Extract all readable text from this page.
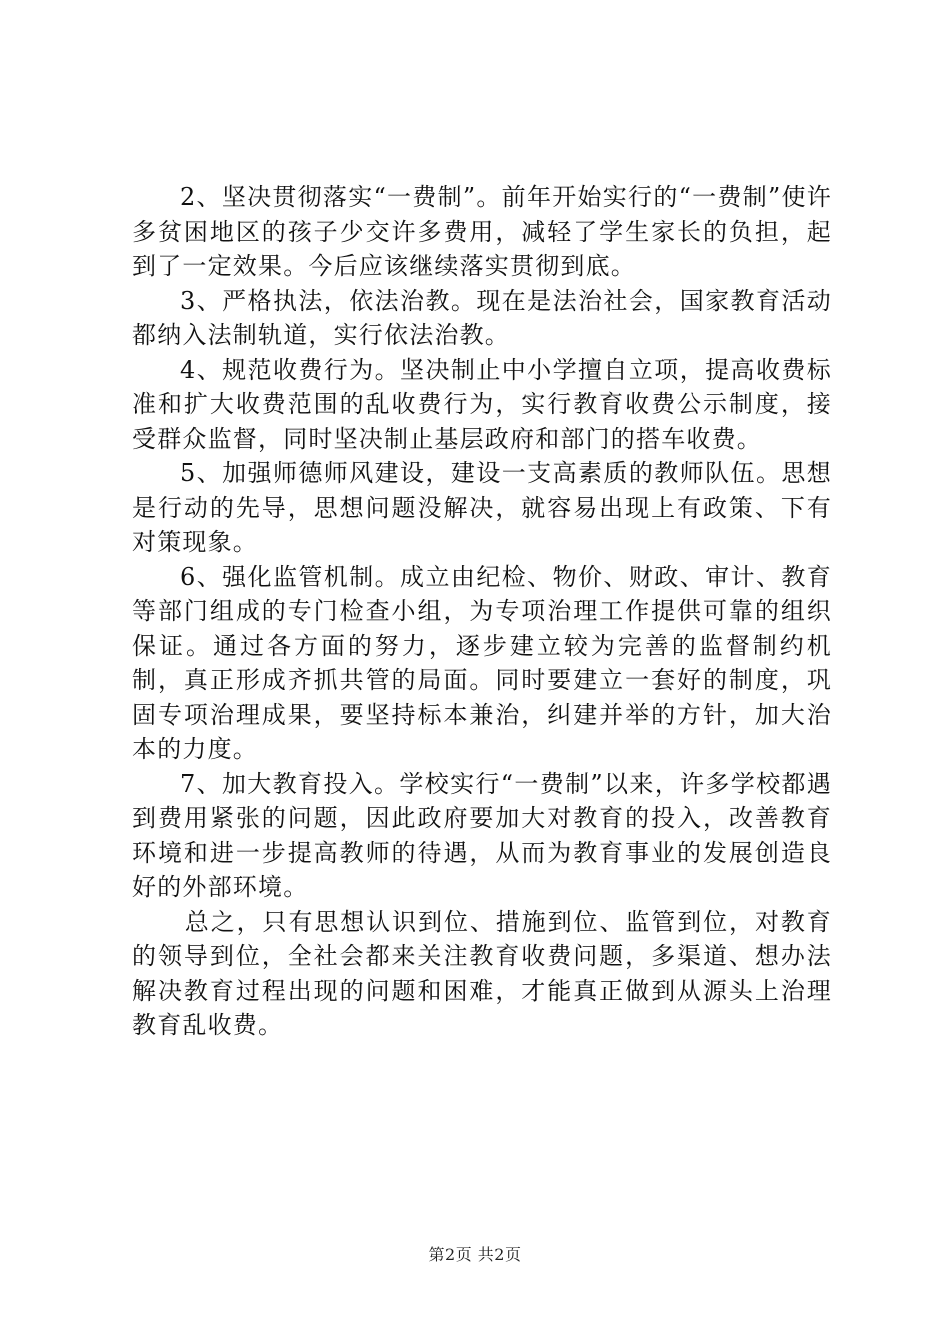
2、坚决贯彻落实“一费制”。前年开始实行的“一费制”使许多贫困地区的孩子少交许多费用，减轻了学生家长的负担，起到了一定效果。今后应该继续落实贯彻到底。

3、严格执法，依法治教。现在是法治社会，国家教育活动都纳入法制轨道，实行依法治教。

4、规范收费行为。坚决制止中小学擅自立项，提高收费标准和扩大收费范围的乱收费行为，实行教育收费公示制度，接受群众监督，同时坚决制止基层政府和部门的搭车收费。

5、加强师德师风建设，建设一支高素质的教师队伍。思想是行动的先导，思想问题没解决，就容易出现上有政策、下有对策现象。

6、强化监管机制。成立由纪检、物价、财政、审计、教育等部门组成的专门检查小组，为专项治理工作提供可靠的组织保证。通过各方面的努力，逐步建立较为完善的监督制约机制，真正形成齐抓共管的局面。同时要建立一套好的制度，巩固专项治理成果，要坚持标本兼治，纠建并举的方针，加大治本的力度。

7、加大教育投入。学校实行“一费制”以来，许多学校都遇到费用紧张的问题，因此政府要加大对教育的投入，改善教育环境和进一步提高教师的待遇，从而为教育事业的发展创造良好的外部环境。

总之，只有思想认识到位、措施到位、监管到位，对教育的领导到位，全社会都来关注教育收费问题，多渠道、想办法解决教育过程出现的问题和困难，才能真正做到从源头上治理教育乱收费。

第2页 共2页
